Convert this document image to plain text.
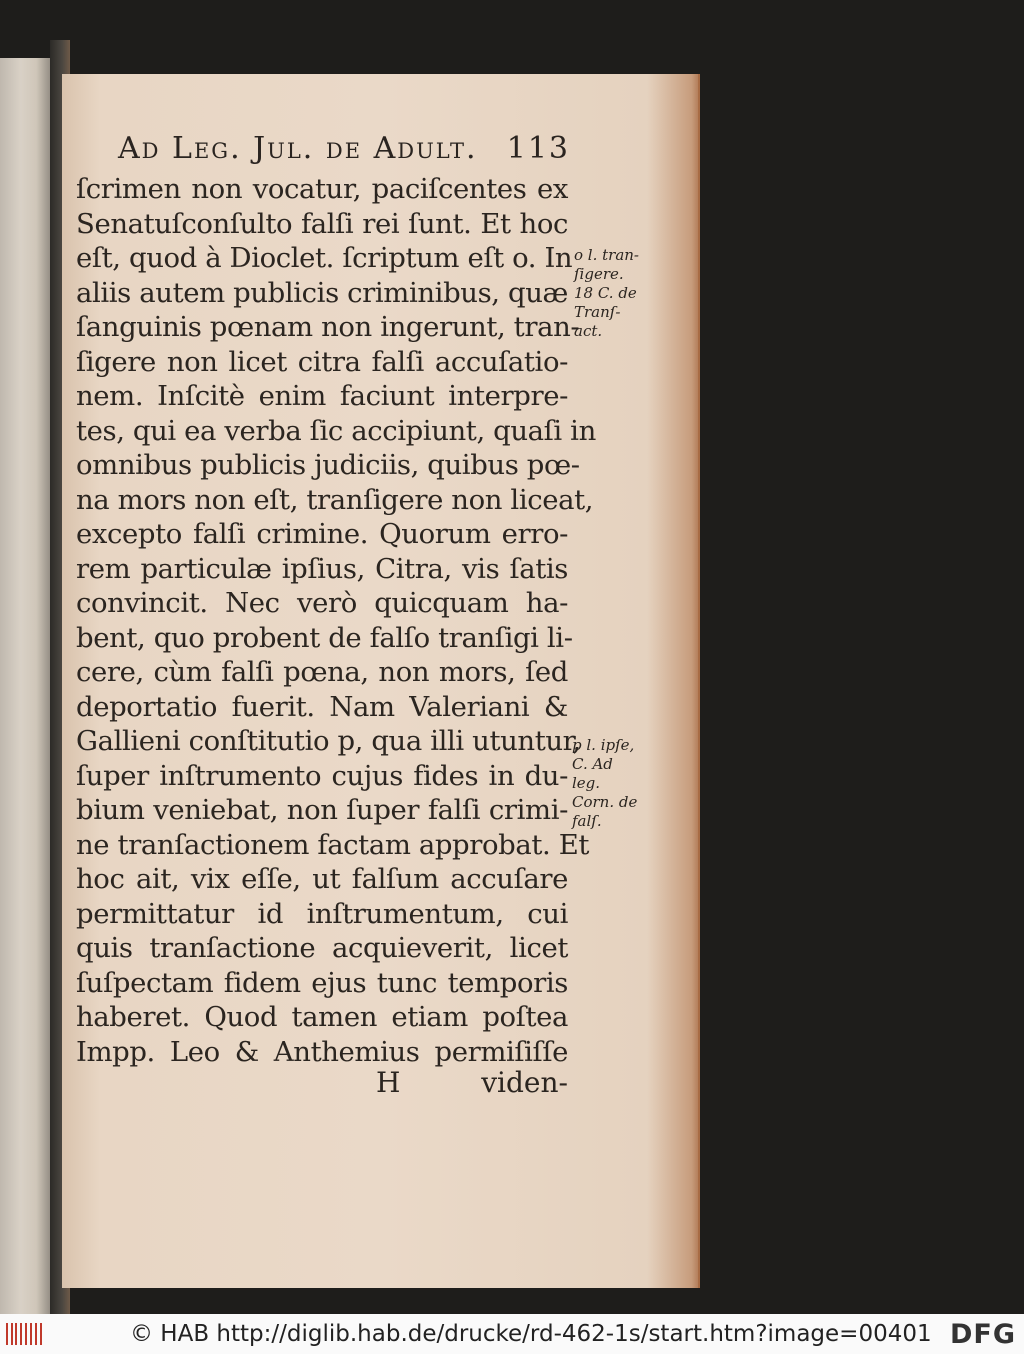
Ad Leg. Jul. de Adult. 113
ſcrimen non vocatur, paciſcentes ex
Senatuſconſulto falſi rei ſunt. Et hoc
eſt, quod à Dioclet. ſcriptum eſt o. In
aliis autem publicis criminibus, quæ
ſanguinis pœnam non ingerunt, tran-
ſigere non licet citra falſi accuſatio-
nem. Inſcitè enim faciunt interpre-
tes, qui ea verba ſic accipiunt, quaſi in
omnibus publicis judiciis, quibus pœ-
na mors non eſt, tranſigere non liceat,
excepto falſi crimine. Quorum erro-
rem particulæ ipſius, Citra, vis ſatis
convincit. Nec verò quicquam ha-
bent, quo probent de falſo tranſigi li-
cere, cùm falſi pœna, non mors, ſed
deportatio fuerit. Nam Valeriani &
Gallieni conſtitutio p, qua illi utuntur,
ſuper inſtrumento cujus fides in du-
bium veniebat, non ſuper falſi crimi-
ne tranſactionem factam approbat. Et
hoc ait, vix eſſe, ut falſum accuſare
permittatur id inſtrumentum, cui
quis tranſactione acquieverit, licet
ſuſpectam fidem ejus tunc temporis
haberet. Quod tamen etiam poſtea
Impp. Leo & Anthemius permiſiſſe
H	viden-
o l. tran-
ſigere.
18 C. de
Tranſ-
act.
p l. ipſe,
C. Ad
leg.
Corn. de
falſ.
© HAB http://diglib.hab.de/drucke/rd-462-1s/start.htm?image=00401 DFG
